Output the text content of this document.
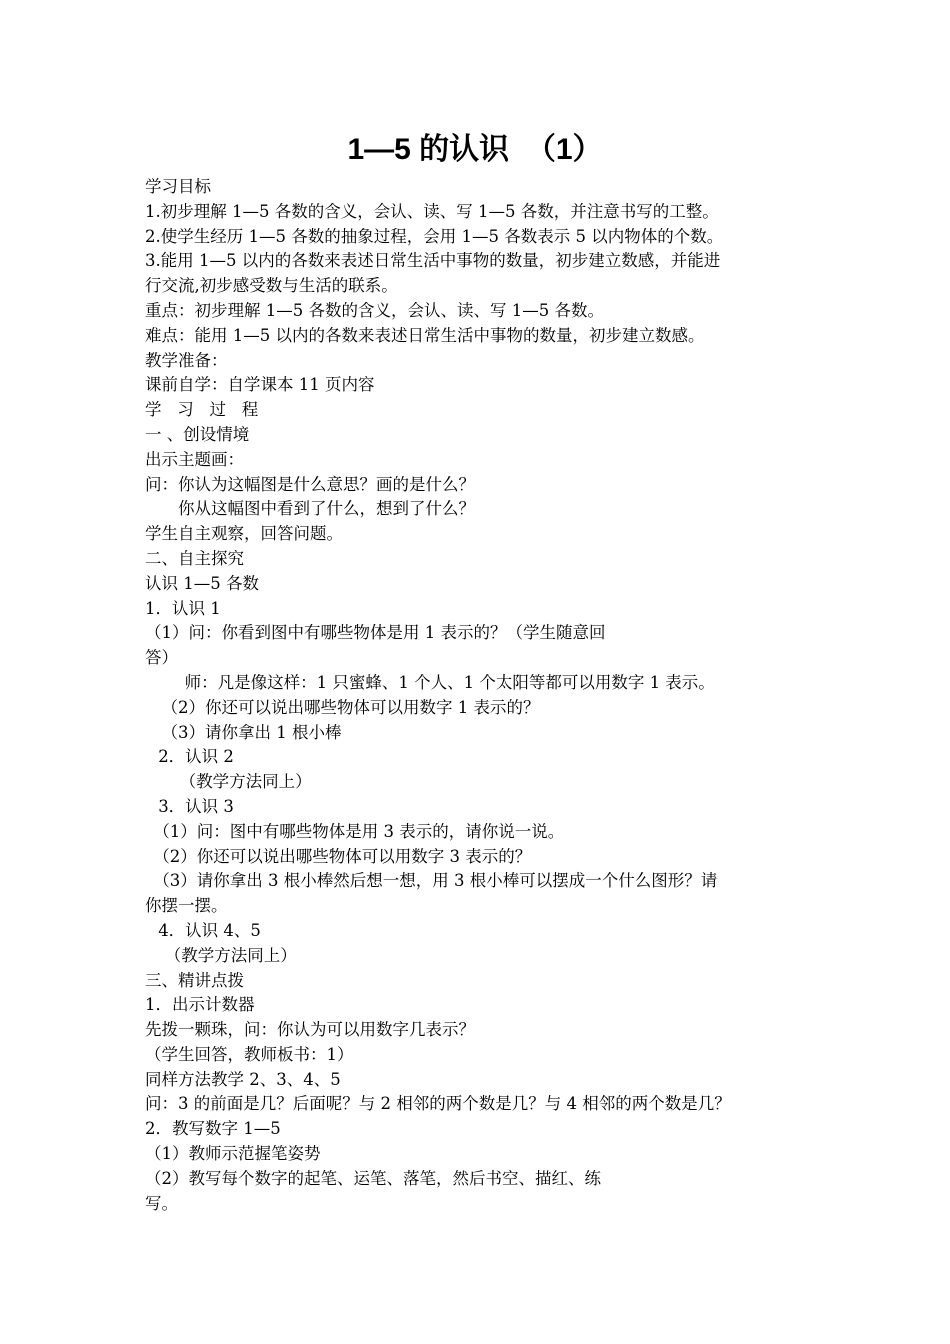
1—5 的认识  （1）
学习目标
1.初步理解 1—5 各数的含义，会认、读、写 1—5 各数，并注意书写的工整。
2.使学生经历 1—5 各数的抽象过程，会用 1—5 各数表示 5 以内物体的个数。
3.能用 1—5 以内的各数来表述日常生活中事物的数量，初步建立数感，并能进
行交流,初步感受数与生活的联系。
重点：初步理解 1—5 各数的含义，会认、读、写 1—5 各数。
难点：能用 1—5 以内的各数来表述日常生活中事物的数量，初步建立数感。
教学准备：
课前自学：自学课本 11 页内容
学   习   过   程
一 、创设情境
出示主题画：
问：你认为这幅图是什么意思？画的是什么？
你从这幅图中看到了什么，想到了什么？
学生自主观察，回答问题。
二、自主探究
认识 1—5 各数
1．认识 1
（1）问：你看到图中有哪些物体是用 1 表示的？（学生随意回
答）
师：凡是像这样：1 只蜜蜂、1 个人、1 个太阳等都可以用数字 1 表示。
（2）你还可以说出哪些物体可以用数字 1 表示的？
（3）请你拿出 1 根小棒
2．认识 2
（教学方法同上）
3．认识 3
（1）问：图中有哪些物体是用 3 表示的，请你说一说。
（2）你还可以说出哪些物体可以用数字 3 表示的？
（3）请你拿出 3 根小棒然后想一想，用 3 根小棒可以摆成一个什么图形？请
你摆一摆。
4．认识 4、5
（教学方法同上）
三、精讲点拨
1．出示计数器
先拨一颗珠，问：你认为可以用数字几表示？
（学生回答，教师板书：1）
同样方法教学 2、3、4、5
问：3 的前面是几？后面呢？与 2 相邻的两个数是几？与 4 相邻的两个数是几？
2．教写数字 1—5
（1）教师示范握笔姿势
（2）教写每个数字的起笔、运笔、落笔，然后书空、描红、练
写。
